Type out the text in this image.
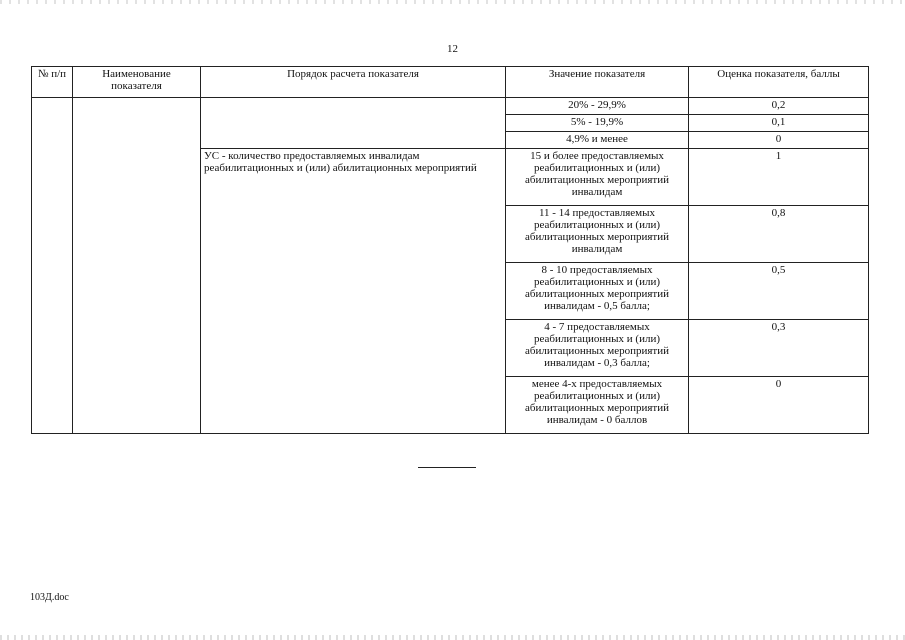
12
№ п/п	Наименование показателя	Порядок расчета показателя	Значение показателя	Оценка показателя, баллы
			20% - 29,9%	0,2
			5% - 19,9%	0,1
			4,9% и менее	0
		УС - количество предоставляемых инвалидам реабилитационных и (или) абилитационных мероприятий	15 и более предоставляемых реабилитационных и (или) абилитационных мероприятий инвалидам	1
			11 - 14 предоставляемых реабилитационных и (или) абилитационных мероприятий инвалидам	0,8
			8 - 10 предоставляемых реабилитационных и (или) абилитационных мероприятий инвалидам - 0,5 балла;	0,5
			4 - 7 предоставляемых реабилитационных и (или) абилитационных мероприятий инвалидам - 0,3 балла;	0,3
			менее 4-х предоставляемых реабилитационных и (или) абилитационных мероприятий инвалидам - 0 баллов	0
103Д.doc
